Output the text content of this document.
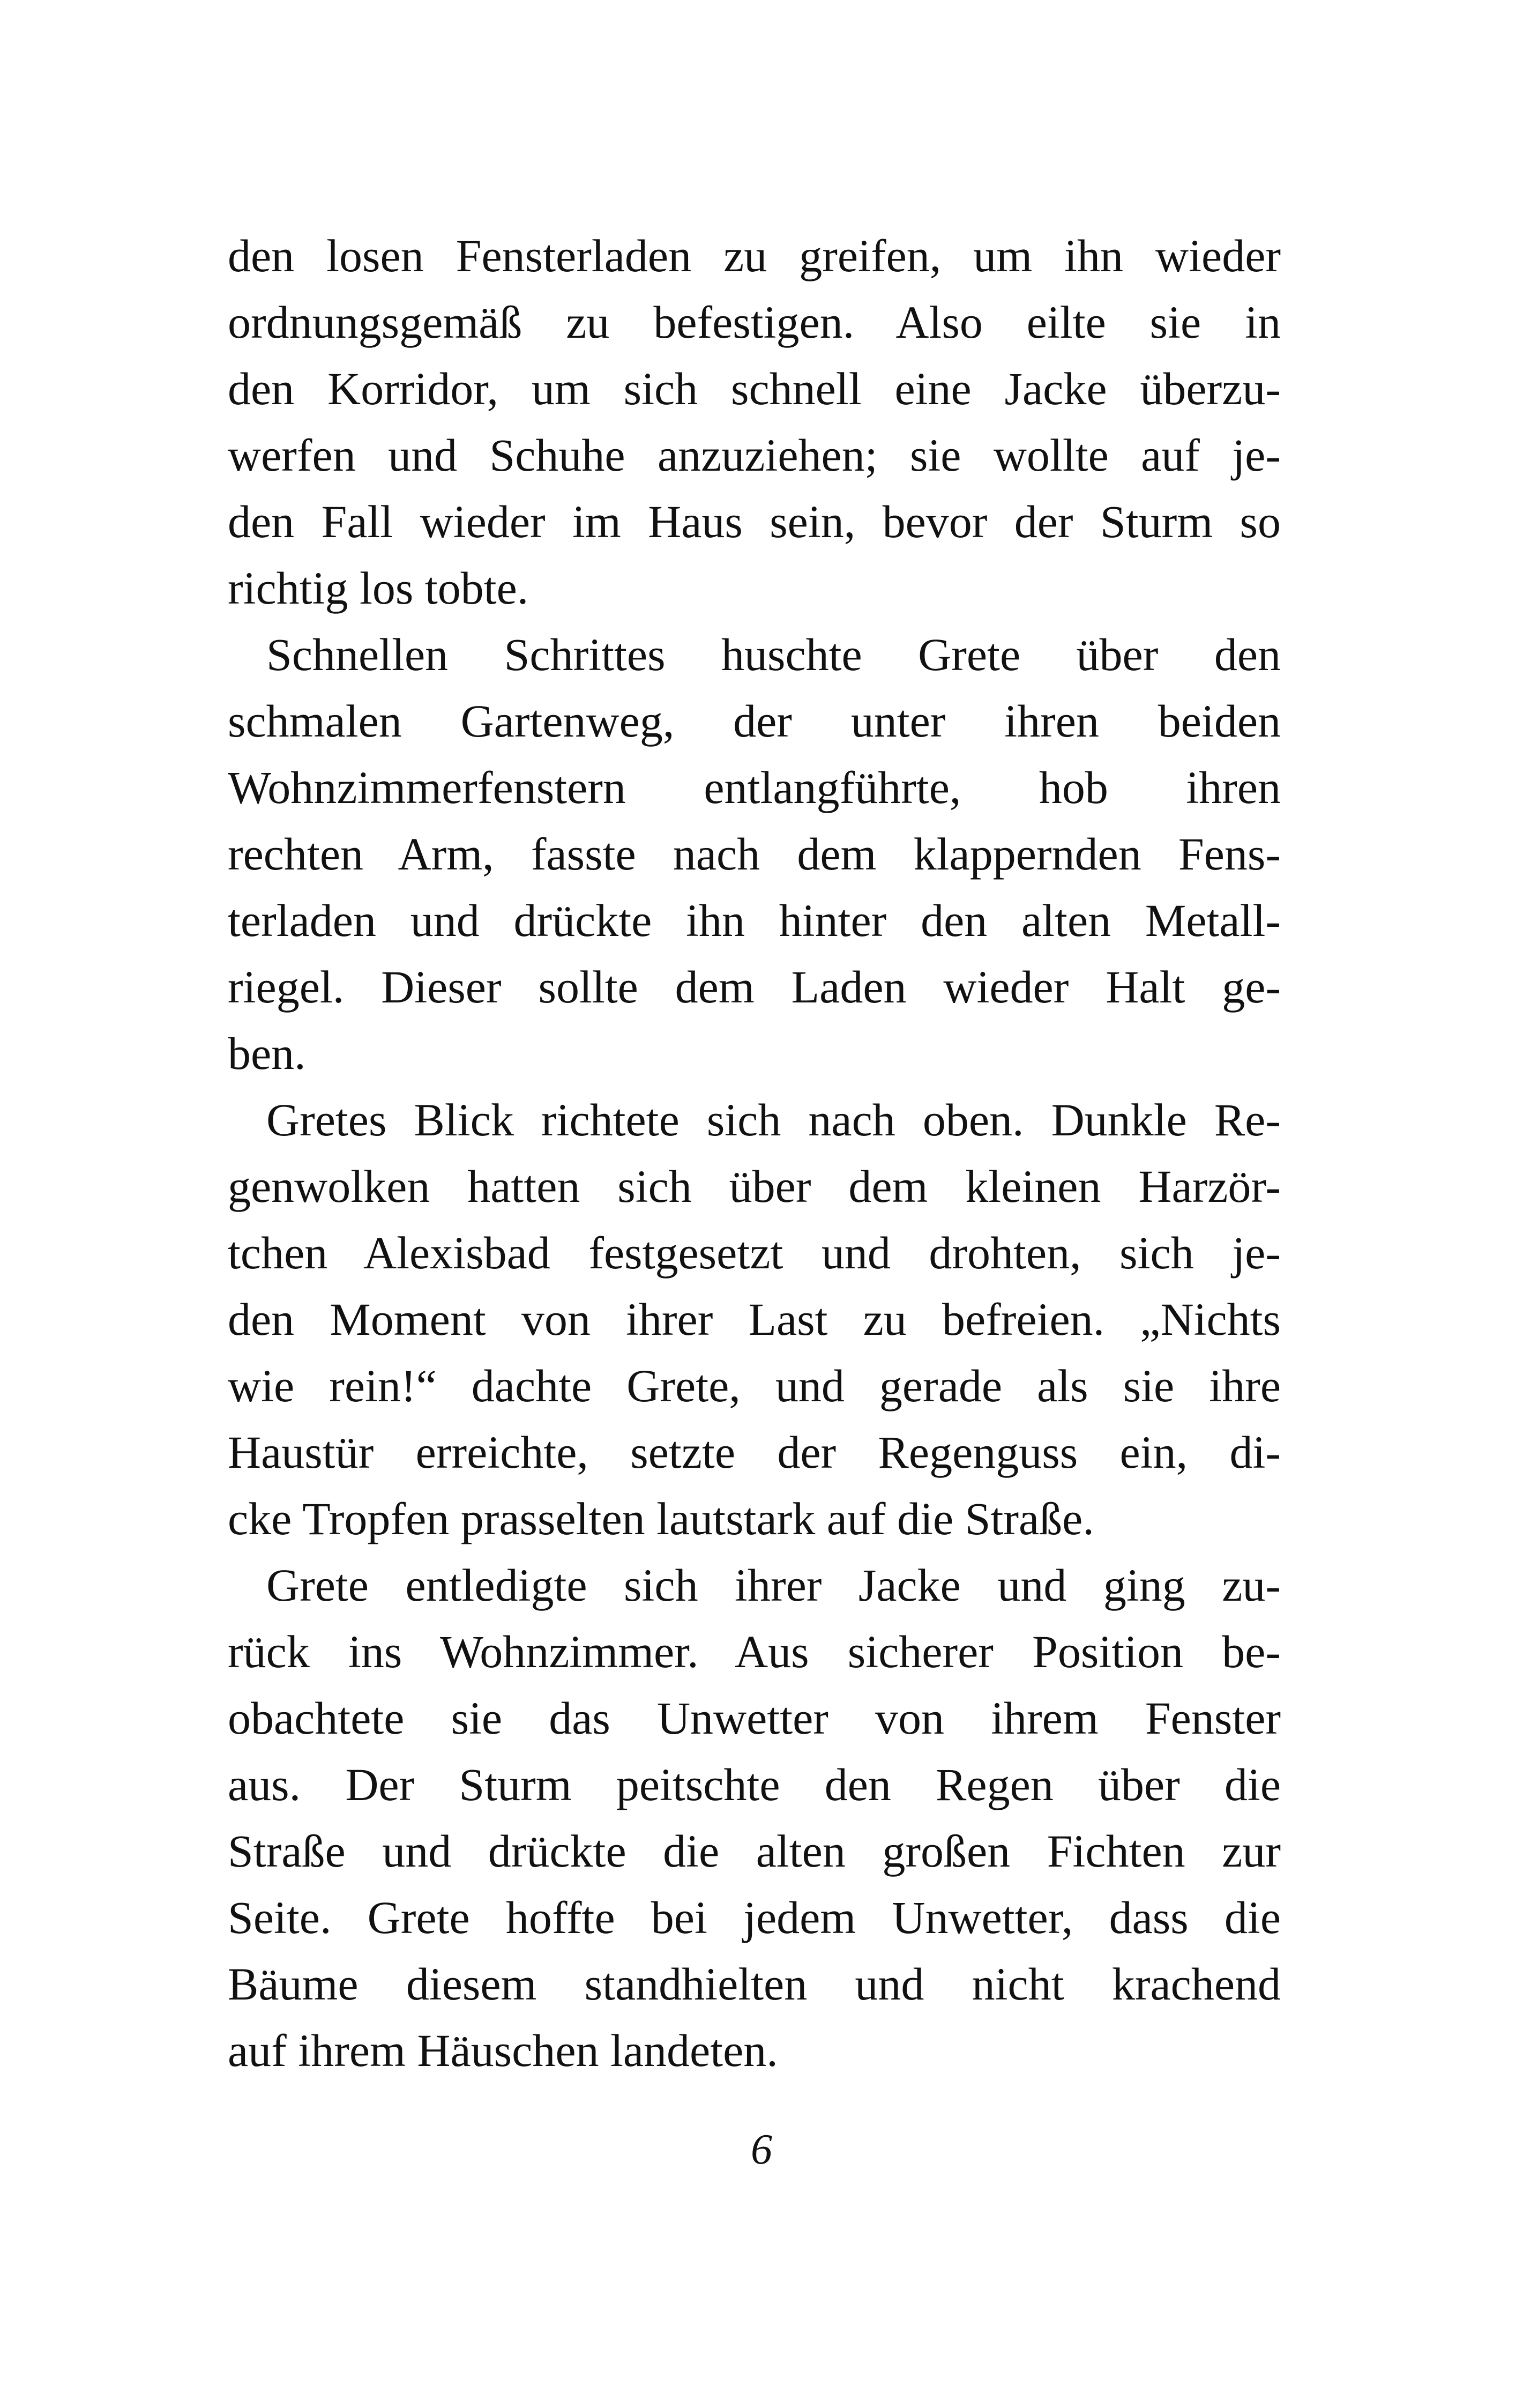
den losen Fensterladen zu greifen, um ihn wieder
ordnungsgemäß zu befestigen. Also eilte sie in
den Korridor, um sich schnell eine Jacke überzu-
werfen und Schuhe anzuziehen; sie wollte auf je-
den Fall wieder im Haus sein, bevor der Sturm so
richtig los tobte.
Schnellen Schrittes huschte Grete über den
schmalen Gartenweg, der unter ihren beiden
Wohnzimmerfenstern entlangführte, hob ihren
rechten Arm, fasste nach dem klappernden Fens-
terladen und drückte ihn hinter den alten Metall-
riegel. Dieser sollte dem Laden wieder Halt ge-
ben.
Gretes Blick richtete sich nach oben. Dunkle Re-
genwolken hatten sich über dem kleinen Harzör-
tchen Alexisbad festgesetzt und drohten, sich je-
den Moment von ihrer Last zu befreien. „Nichts
wie rein!“ dachte Grete, und gerade als sie ihre
Haustür erreichte, setzte der Regenguss ein, di-
cke Tropfen prasselten lautstark auf die Straße.
Grete entledigte sich ihrer Jacke und ging zu-
rück ins Wohnzimmer. Aus sicherer Position be-
obachtete sie das Unwetter von ihrem Fenster
aus. Der Sturm peitschte den Regen über die
Straße und drückte die alten großen Fichten zur
Seite. Grete hoffte bei jedem Unwetter, dass die
Bäume diesem standhielten und nicht krachend
auf ihrem Häuschen landeten.
6
